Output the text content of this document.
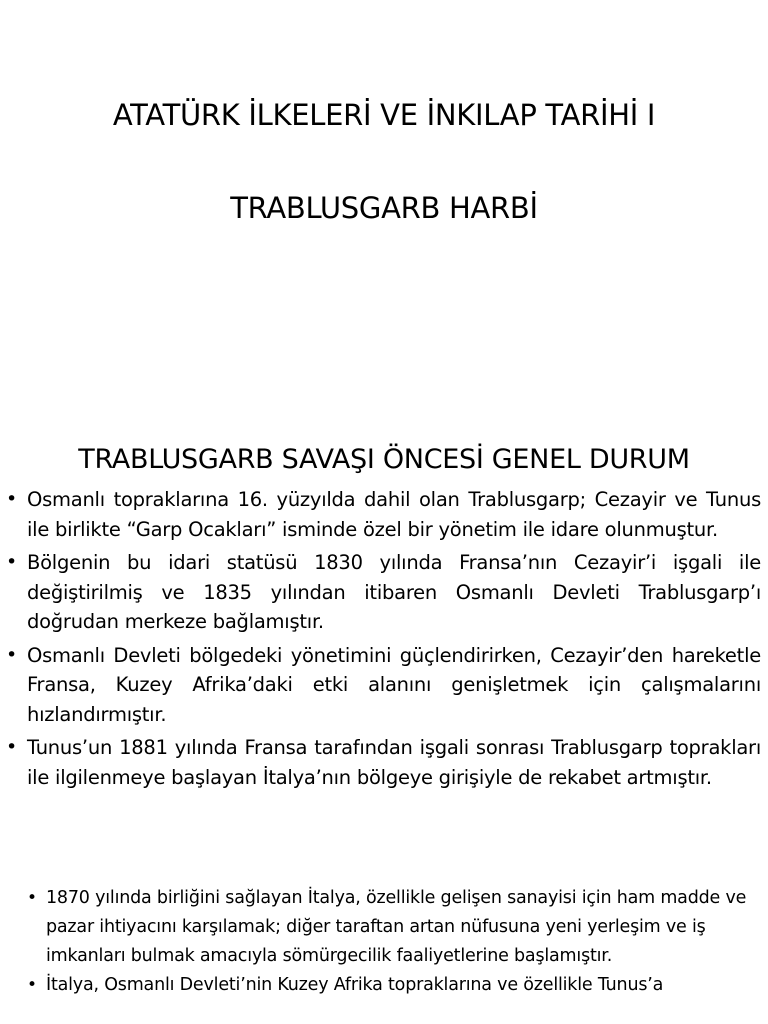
ATATÜRK İLKELERİ VE İNKILAP TARİHİ I
TRABLUSGARB HARBİ
TRABLUSGARB SAVAŞI ÖNCESİ GENEL DURUM
• Osmanlı topraklarına 16. yüzyılda dahil olan Trablusgarp; Cezayir ve Tunus ile birlikte “Garp Ocakları” isminde özel bir yönetim ile idare olunmuştur.
• Bölgenin bu idari statüsü 1830 yılında Fransa’nın Cezayir’i işgali ile değiştirilmiş ve 1835 yılından itibaren Osmanlı Devleti Trablusgarp’ı doğrudan merkeze bağlamıştır.
• Osmanlı Devleti bölgedeki yönetimini güçlendirirken, Cezayir’den hareketle Fransa, Kuzey Afrika’daki etki alanını genişletmek için çalışmalarını hızlandırmıştır.
• Tunus’un 1881 yılında Fransa tarafından işgali sonrası Trablusgarp toprakları ile ilgilenmeye başlayan İtalya’nın bölgeye girişiyle de rekabet artmıştır.
• 1870 yılında birliğini sağlayan İtalya, özellikle gelişen sanayisi için ham madde ve pazar ihtiyacını karşılamak; diğer taraftan artan nüfusuna yeni yerleşim ve iş imkanları bulmak amacıyla sömürgecilik faaliyetlerine başlamıştır.
• İtalya, Osmanlı Devleti’nin Kuzey Afrika topraklarına ve özellikle Tunus’a
